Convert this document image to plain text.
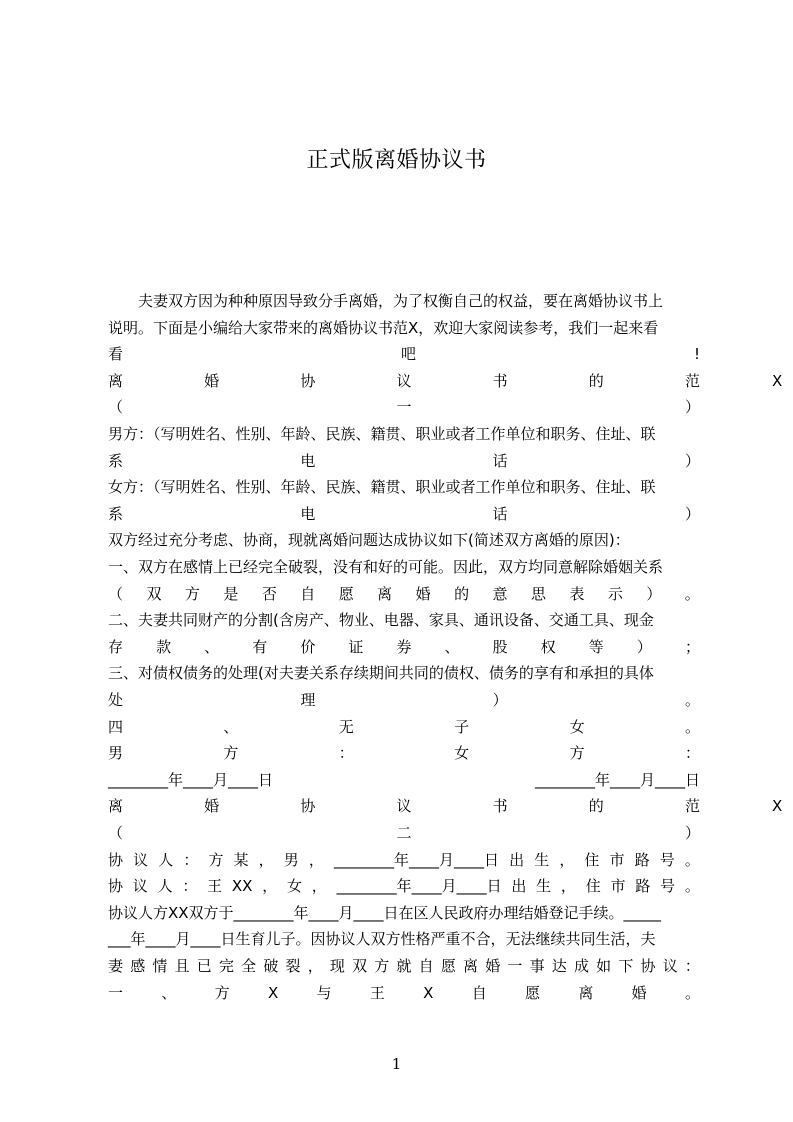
正式版离婚协议书
夫妻双方因为种种原因导致分手离婚，为了权衡自己的权益，要在离婚协议书上
说明。下面是小编给大家带来的离婚协议书范X，欢迎大家阅读参考，我们一起来看
看	吧	!
X
离	婚	协	议	书	的	范
（	一	）
男方：（写明姓名、性别、年龄、民族、籍贯、职业或者工作单位和职务、住址、联
系	电	话	）
女方：（写明姓名、性别、年龄、民族、籍贯、职业或者工作单位和职务、住址、联
系	电	话	）
双方经过充分考虑、协商，现就离婚问题达成协议如下(简述双方离婚的原因)：
一、双方在感情上已经完全破裂，没有和好的可能。因此，双方均同意解除婚姻关系
（ 双 方 是 否 自 愿 离 婚 的 意 思 表 示 ） 。
二、夫妻共同财产的分割(含房产、物业、电器、家具、通讯设备、交通工具、现金
存 款 、 有 价 证 券 、 股 权 等 ） ；
三、对债权债务的处理(对夫妻关系存续期间共同的债权、债务的享有和承担的具体
处	理	）	。
四	、	无	子	女	。
男	方	：	女	方	：
________年____月____日	________年____月____日
X
离	婚	协	议	书	的	范
（	二	）
协 议 人 ： 方 某 ， 男 ， ________年____月____日 出 生 ， 住 市 路 号 。
协 议 人 ： 王 XX ， 女 ， ________年____月____日 出 生 ， 住 市 路 号 。
协议人方XX双方于________年____月____日在区人民政府办理结婚登记手续。_____
___年____月____日生育儿子。因协议人双方性格严重不合，无法继续共同生活，夫
妻 感 情 且 已 完 全 破 裂 ， 现 双 方 就 自 愿 离 婚 一 事 达 成 如 下 协 议 ：
一	、	方	X	与	王	X	自	愿	离	婚	。
1
